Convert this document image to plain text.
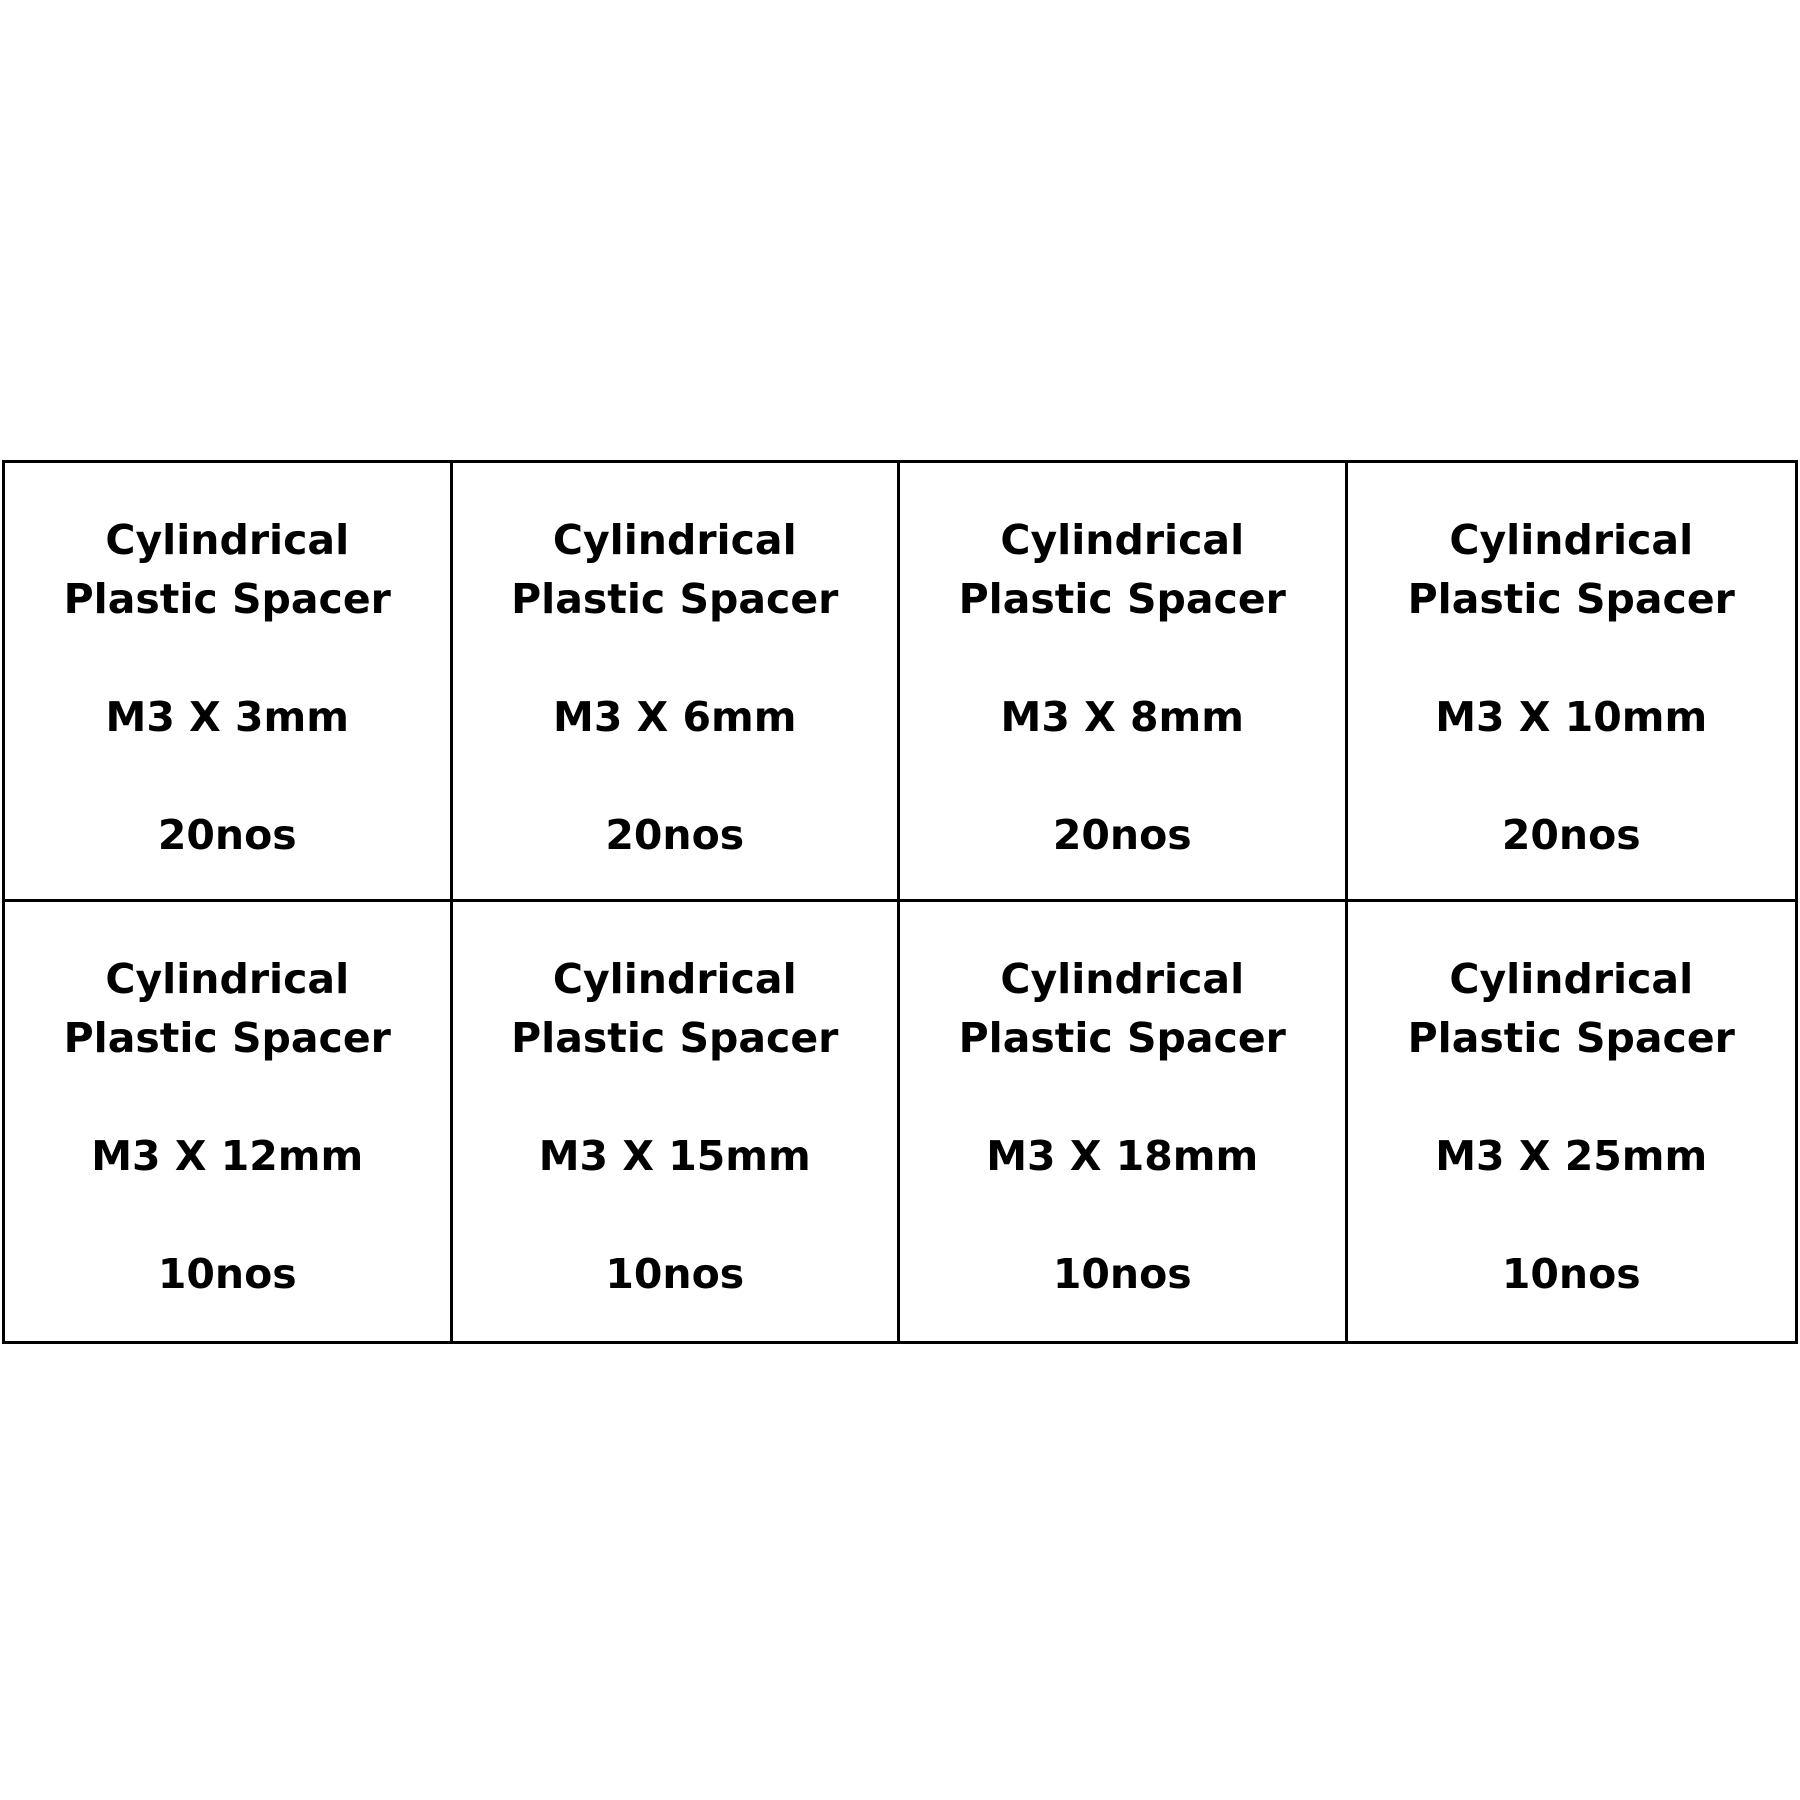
Cylindrical
Plastic Spacer
M3 X 3mm
20nos
Cylindrical
Plastic Spacer
M3 X 6mm
20nos
Cylindrical
Plastic Spacer
M3 X 8mm
20nos
Cylindrical
Plastic Spacer
M3 X 10mm
20nos
Cylindrical
Plastic Spacer
M3 X 12mm
10nos
Cylindrical
Plastic Spacer
M3 X 15mm
10nos
Cylindrical
Plastic Spacer
M3 X 18mm
10nos
Cylindrical
Plastic Spacer
M3 X 25mm
10nos
